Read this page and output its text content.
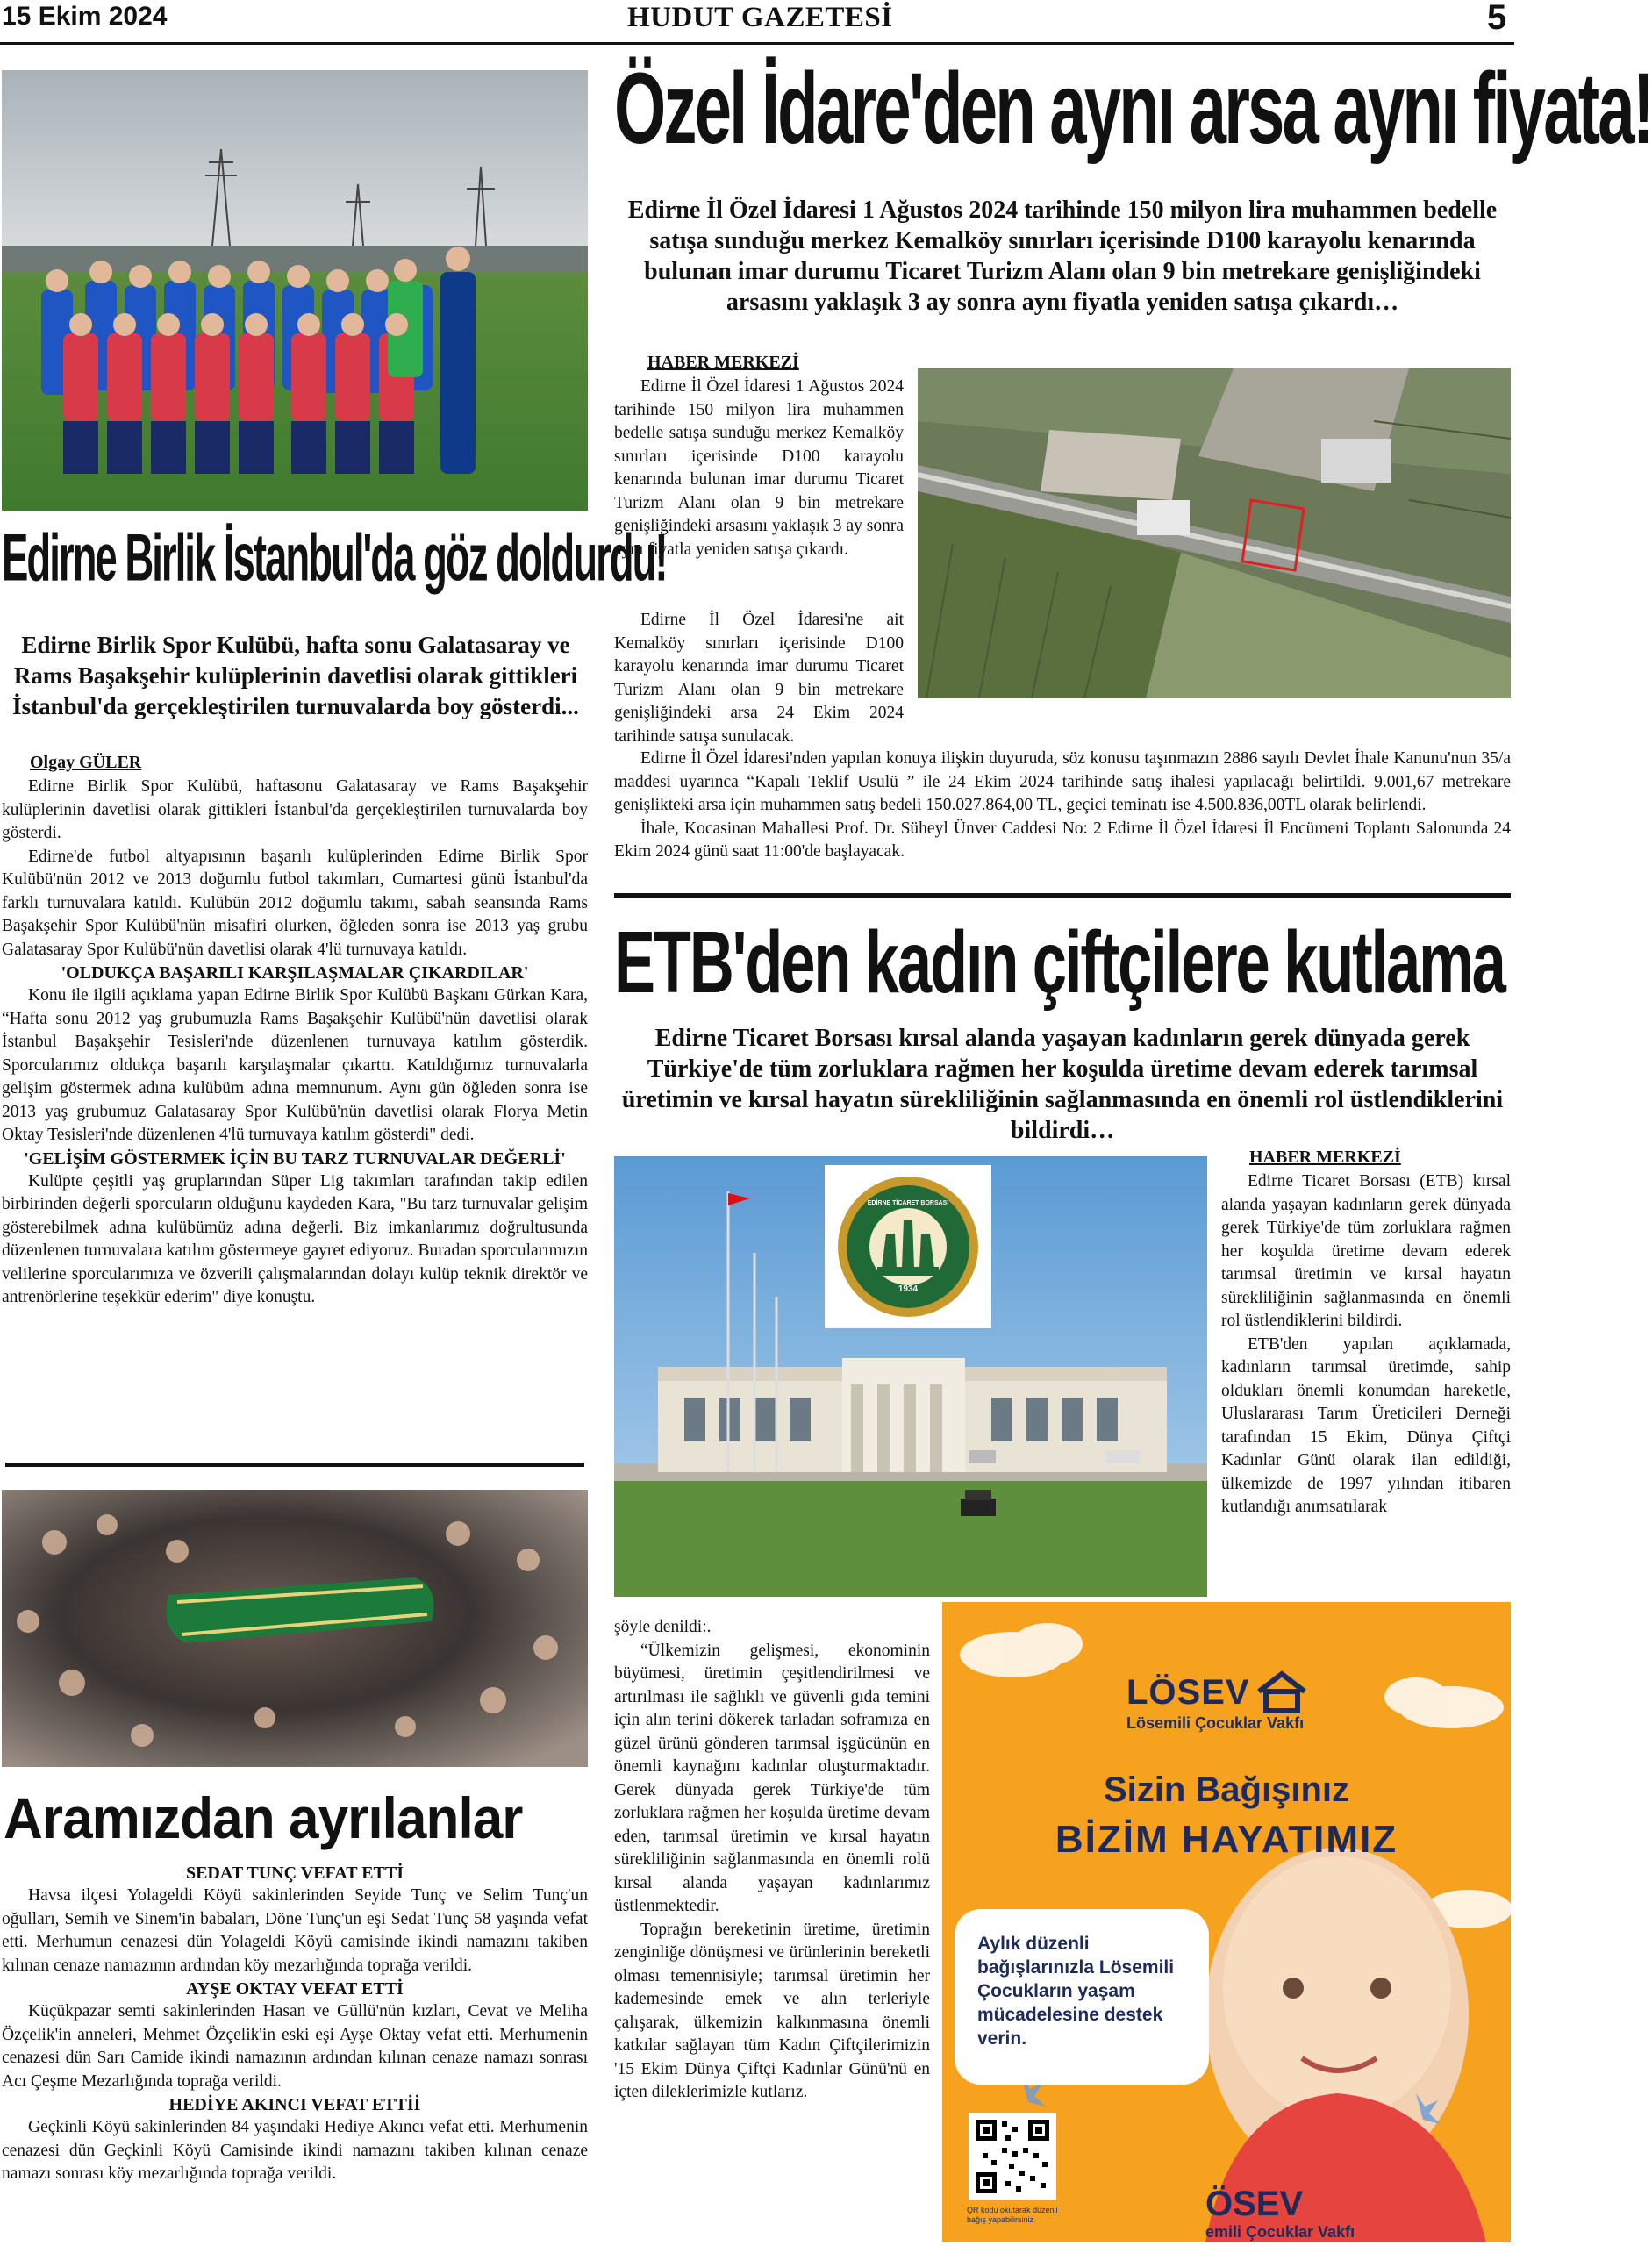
15 Ekim 2024	HUDUT GAZETESİ	5
Edirne Birlik İstanbul'da göz doldurdu!
Edirne Birlik Spor Kulübü, hafta sonu Galatasaray ve Rams Başakşehir kulüplerinin davetlisi olarak gittikleri İstanbul'da gerçekleştirilen turnuvalarda boy gösterdi...
Olgay GÜLER

Edirne Birlik Spor Kulübü, haftasonu Galatasaray ve Rams Başakşehir kulüplerinin davetlisi olarak gittikleri İstanbul'da gerçekleştirilen turnuvalarda boy gösterdi.

Edirne'de futbol altyapısının başarılı kulüplerinden Edirne Birlik Spor Kulübü'nün 2012 ve 2013 doğumlu futbol takımları, Cumartesi günü İstanbul'da farklı turnuvalara katıldı. Kulübün 2012 doğumlu takımı, sabah seansında Rams Başakşehir Spor Kulübü'nün misafiri olurken, öğleden sonra ise 2013 yaş grubu Galatasaray Spor Kulübü'nün davetlisi olarak 4'lü turnuvaya katıldı.

'OLDUKÇA BAŞARILI KARŞILAŞMALAR ÇIKARDILAR'

Konu ile ilgili açıklama yapan Edirne Birlik Spor Kulübü Başkanı Gürkan Kara, “Hafta sonu 2012 yaş grubumuzla Rams Başakşehir Kulübü'nün davetlisi olarak İstanbul Başakşehir Tesisleri'nde düzenlenen turnuvaya katılım gösterdik. Sporcularımız oldukça başarılı karşılaşmalar çıkarttı. Katıldığımız turnuvalarla gelişim göstermek adına kulübüm adına memnunum. Aynı gün öğleden sonra ise 2013 yaş grubumuz Galatasaray Spor Kulübü'nün davetlisi olarak Florya Metin Oktay Tesisleri'nde düzenlenen 4'lü turnuvaya katılım gösterdi" dedi.

'GELİŞİM GÖSTERMEK İÇİN BU TARZ TURNUVALAR DEĞERLİ'

Kulüpte çeşitli yaş gruplarından Süper Lig takımları tarafından takip edilen birbirinden değerli sporcuların olduğunu kaydeden Kara, "Bu tarz turnuvalar gelişim gösterebilmek adına kulübümüz adına değerli. Biz imkanlarımız doğrultusunda düzenlenen turnuvalara katılım göstermeye gayret ediyoruz. Buradan sporcularımızın velilerine sporcularımıza ve özverili çalışmalarından dolayı kulüp teknik direktör ve antrenörlerine teşekkür ederim" diye konuştu.

Aramızdan ayrılanlar
SEDAT TUNÇ VEFAT ETTİ

Havsa ilçesi Yolageldi Köyü sakinlerinden Seyide Tunç ve Selim Tunç'un oğulları, Semih ve Sinem'in babaları, Döne Tunç'un eşi Sedat Tunç 58 yaşında vefat etti. Merhumun cenazesi dün Yolageldi Köyü camisinde ikindi namazını takiben kılınan cenaze namazının ardından köy mezarlığında toprağa verildi.

AYŞE OKTAY VEFAT ETTİ

Küçükpazar semti sakinlerinden Hasan ve Güllü'nün kızları, Cevat ve Meliha Özçelik'in anneleri, Mehmet Özçelik'in eski eşi Ayşe Oktay vefat etti. Merhumenin cenazesi dün Sarı Camide ikindi namazının ardından kılınan cenaze namazı sonrası Acı Çeşme Mezarlığında toprağa verildi.

HEDİYE AKINCI VEFAT ETTİİ

Geçkinli Köyü sakinlerinden 84 yaşındaki Hediye Akıncı vefat etti. Merhumenin cenazesi dün Geçkinli Köyü Camisinde ikindi namazını takiben kılınan cenaze namazı sonrası köy mezarlığında toprağa verildi.

Özel İdare'den aynı arsa aynı fiyata!
Edirne İl Özel İdaresi 1 Ağustos 2024 tarihinde 150 milyon lira muhammen bedelle satışa sunduğu merkez Kemalköy sınırları içerisinde D100 karayolu kenarında bulunan imar durumu Ticaret Turizm Alanı olan 9 bin metrekare genişliğindeki arsasını yaklaşık 3 ay sonra aynı fiyatla yeniden satışa çıkardı…
HABER MERKEZİ

Edirne İl Özel İdaresi 1 Ağustos 2024 tarihinde 150 milyon lira muhammen bedelle satışa sunduğu merkez Kemalköy sınırları içerisinde D100 karayolu kenarında bulunan imar durumu Ticaret Turizm Alanı olan 9 bin metrekare genişliğindeki arsasını yaklaşık 3 ay sonra aynı fiyatla yeniden satışa çıkardı.

Edirne İl Özel İdaresi'ne ait Kemalköy sınırları içerisinde D100 karayolu kenarında imar durumu Ticaret Turizm Alanı olan 9 bin metrekare genişliğindeki arsa 24 Ekim 2024 tarihinde satışa sunulacak.

Edirne İl Özel İdaresi'nden yapılan konuya ilişkin duyuruda, söz konusu taşınmazın 2886 sayılı Devlet İhale Kanunu'nun 35/a maddesi uyarınca “Kapalı Teklif Usulü ” ile 24 Ekim 2024 tarihinde satış ihalesi yapılacağı belirtildi. 9.001,67 metrekare genişlikteki arsa için muhammen satış bedeli 150.027.864,00 TL, geçici teminatı ise 4.500.836,00TL olarak belirlendi.

İhale, Kocasinan Mahallesi Prof. Dr. Süheyl Ünver Caddesi No: 2 Edirne İl Özel İdaresi İl Encümeni Toplantı Salonunda 24 Ekim 2024 günü saat 11:00'de başlayacak.

ETB'den kadın çiftçilere kutlama
Edirne Ticaret Borsası kırsal alanda yaşayan kadınların gerek dünyada gerek Türkiye'de tüm zorluklara rağmen her koşulda üretime devam ederek tarımsal üretimin ve kırsal hayatın sürekliliğinin sağlanmasında en önemli rol üstlendiklerini bildirdi…
EDİRNE TİCARET BORSASI
1934
HABER MERKEZİ

Edirne Ticaret Borsası (ETB) kırsal alanda yaşayan kadınların gerek dünyada gerek Türkiye'de tüm zorluklara rağmen her koşulda üretime devam ederek tarımsal üretimin ve kırsal hayatın sürekliliğinin sağlanmasında en önemli rol üstlendiklerini bildirdi.

ETB'den yapılan açıklamada, kadınların tarımsal üretimde, sahip oldukları önemli konumdan hareketle, Uluslararası Tarım Üreticileri Derneği tarafından 15 Ekim, Dünya Çiftçi Kadınlar Günü olarak ilan edildiği, ülkemizde de 1997 yılından itibaren kutlandığı anımsatılarak

şöyle denildi:.

“Ülkemizin gelişmesi, ekonominin büyümesi, üretimin çeşitlendirilmesi ve artırılması ile sağlıklı ve güvenli gıda temini için alın terini dökerek tarladan soframıza en güzel ürünü gönderen tarımsal işgücünün en önemli kaynağını kadınlar oluşturmaktadır. Gerek dünyada gerek Türkiye'de tüm zorluklara rağmen her koşulda üretime devam eden, tarımsal üretimin ve kırsal hayatın sürekliliğinin sağlanmasında en önemli rolü kırsal alanda yaşayan kadınlarımız üstlenmektedir.

Toprağın bereketinin üretime, üretimin zenginliğe dönüşmesi ve ürünlerinin bereketli olması temennisiyle; tarımsal üretimin her kademesinde emek ve alın terleriyle çalışarak, ülkemizin kalkınmasına önemli katkılar sağlayan tüm Kadın Çiftçilerimizin '15 Ekim Dünya Çiftçi Kadınlar Günü'nü en içten dileklerimizle kutlarız.

LÖSEV
Lösemili Çocuklar Vakfı
Sizin Bağışınız
BİZİM HAYATIMIZ
Aylık düzenli bağışlarınızla Lösemili Çocukların yaşam mücadelesine destek verin.
QR kodu okutarak düzenli bağış yapabilirsiniz	ÖSEV
emili Çocuklar Vakfı
